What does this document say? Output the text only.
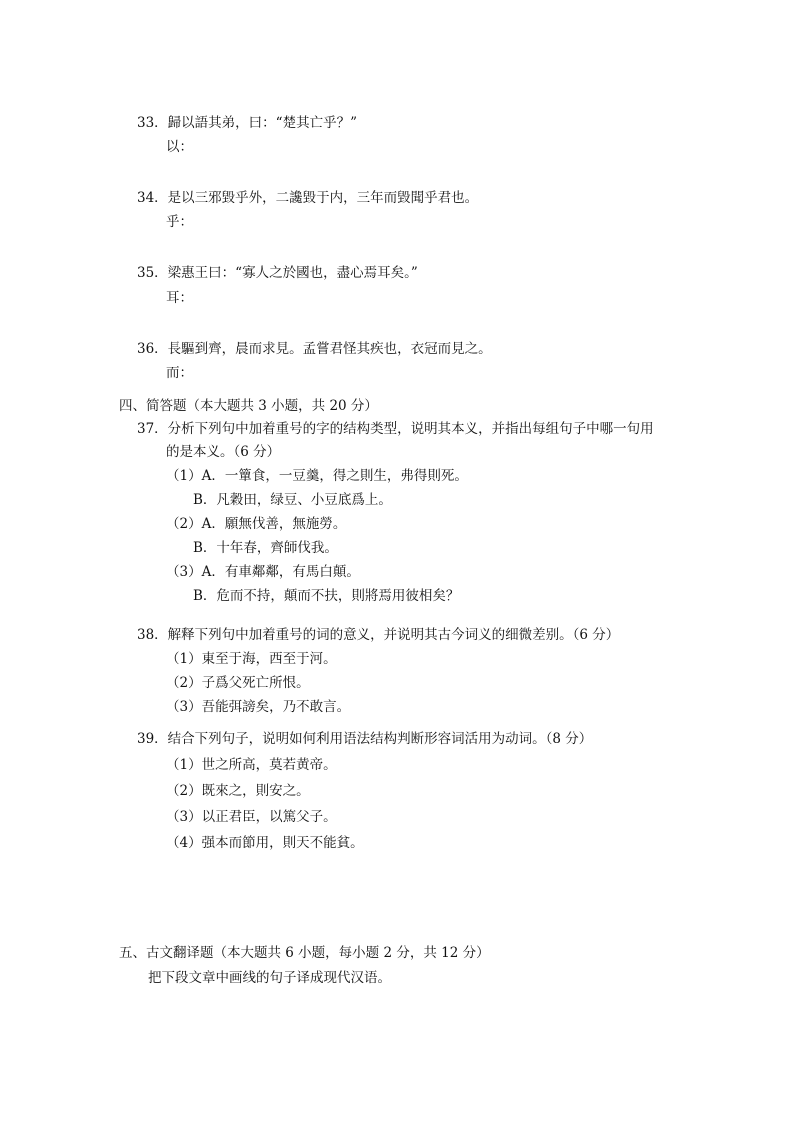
33．歸以語其弟，曰：“楚其亡乎？”
以：
34．是以三邪毀乎外，二讒毀于内，三年而毀聞乎君也。
乎：
35．梁惠王曰：“寡人之於國也，盡心焉耳矣。”
耳：
36．長驅到齊，晨而求見。孟嘗君怪其疾也，衣冠而見之。
而：
四、简答题（本大题共 3 小题，共 20 分）
37．分析下列句中加着重号的字的结构类型，说明其本义，并指出每组句子中哪一句用
的是本义。（6 分）
（1）A．一簞食，一豆羹，得之則生，弗得則死。
B．凡穀田，绿豆、小豆底爲上。
（2）A．願無伐善，無施勞。
B．十年春，齊師伐我。
（3）A．有車鄰鄰，有馬白顛。
B．危而不持，顛而不扶，則將焉用彼相矣？
38．解释下列句中加着重号的词的意义，并说明其古今词义的细微差别。（6 分）
（1）東至于海，西至于河。
（2）子爲父死亡所恨。
（3）吾能弭謗矣，乃不敢言。
39．结合下列句子，说明如何利用语法结构判断形容词活用为动词。（8 分）
（1）世之所高，莫若黄帝。
（2）既來之，則安之。
（3）以正君臣，以篤父子。
（4）强本而節用，則天不能貧。
五、古文翻译题（本大题共 6 小题，每小题 2 分，共 12 分）
把下段文章中画线的句子译成现代汉语。
